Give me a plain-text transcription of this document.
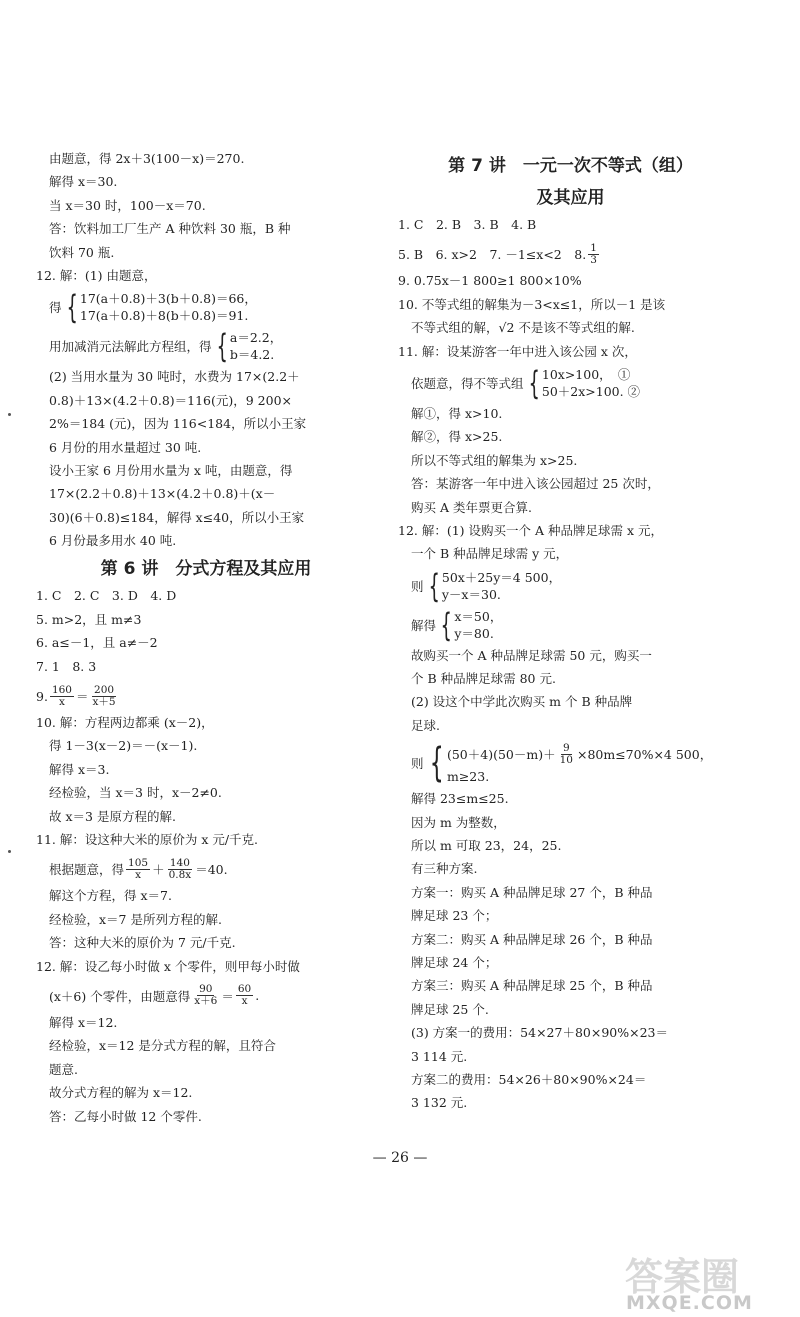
由题意，得 2x＋3(100－x)＝270.
解得 x＝30.
当 x＝30 时，100－x＝70.
答：饮料加工厂生产 A 种饮料 30 瓶，B 种
饮料 70 瓶.
12. 解：(1) 由题意，
得 { 17(a＋0.8)＋3(b＋0.8)＝66，
17(a＋0.8)＋8(b＋0.8)＝91.
用加减消元法解此方程组，得 { a＝2.2，
b＝4.2.
(2) 当用水量为 30 吨时，水费为 17×(2.2＋
0.8)＋13×(4.2＋0.8)＝116(元)，9 200×
2%＝184 (元)，因为 116<184，所以小王家
6 月份的用水量超过 30 吨.
设小王家 6 月份用水量为 x 吨，由题意，得
17×(2.2＋0.8)＋13×(4.2＋0.8)＋(x－
30)(6＋0.8)≤184，解得 x≤40，所以小王家
6 月份最多用水 40 吨.
第 6 讲　分式方程及其应用
1. C　2. C　3. D　4. D
5. m>2，且 m≠3
6. a≤－1，且 a≠－2
7. 1　8. 3
9. $\frac{160}{x} = \frac{200}{x+5}$
10. 解：方程两边都乘 (x－2)，
得 1－3(x－2)＝－(x－1).
解得 x＝3.
经检验，当 x＝3 时，x－2≠0.
故 x＝3 是原方程的解.
11. 解：设这种大米的原价为 x 元/千克.
根据题意，得 $\frac{105}{x} + \frac{140}{0.8x} =40$.
解这个方程，得 x＝7.
经检验，x＝7 是所列方程的解.
答：这种大米的原价为 7 元/千克.
12. 解：设乙每小时做 x 个零件，则甲每小时做
(x＋6) 个零件，由题意得 $\frac{90}{x+6} = \frac{60}{x}$ .
解得 x＝12.
经检验，x＝12 是分式方程的解，且符合
题意.
故分式方程的解为 x＝12.
答：乙每小时做 12 个零件.
第 7 讲　一元一次不等式（组）
及其应用
1. C　2. B　3. B　4. B
5. B　6. x>2　7. －1≤x<2　8. $\frac{1}{3}$
9. 0.75x－1 800≥1 800×10%
10. 不等式组的解集为－3<x≤1，所以－1 是该
不等式组的解，√2 不是该不等式组的解.
11. 解：设某游客一年中进入该公园 x 次，
依题意，得不等式组 { 10x>100，　①
50＋2x>100. ②
解①，得 x>10.
解②，得 x>25.
所以不等式组的解集为 x>25.
答：某游客一年中进入该公园超过 25 次时，
购买 A 类年票更合算.
12. 解：(1) 设购买一个 A 种品牌足球需 x 元，
一个 B 种品牌足球需 y 元，
则 { 50x＋25y＝4 500，
y－x＝30.
解得 { x＝50，
y＝80.
故购买一个 A 种品牌足球需 50 元，购买一
个 B 种品牌足球需 80 元.
(2) 设这个中学此次购买 m 个 B 种品牌
足球.
则 { $(50+4)(50-m)+ \frac{9}{10} \times 80m\le 70\%\times 4$ 500，
m≥23.
解得 23≤m≤25.
因为 m 为整数，
所以 m 可取 23，24，25.
有三种方案.
方案一：购买 A 种品牌足球 27 个，B 种品
牌足球 23 个；
方案二：购买 A 种品牌足球 26 个，B 种品
牌足球 24 个；
方案三：购买 A 种品牌足球 25 个，B 种品
牌足球 25 个.
(3) 方案一的费用：54×27＋80×90%×23＝
3 114 元.
方案二的费用：54×26＋80×90%×24＝
3 132 元.
— 26 —
答案圈
MXQE.COM
